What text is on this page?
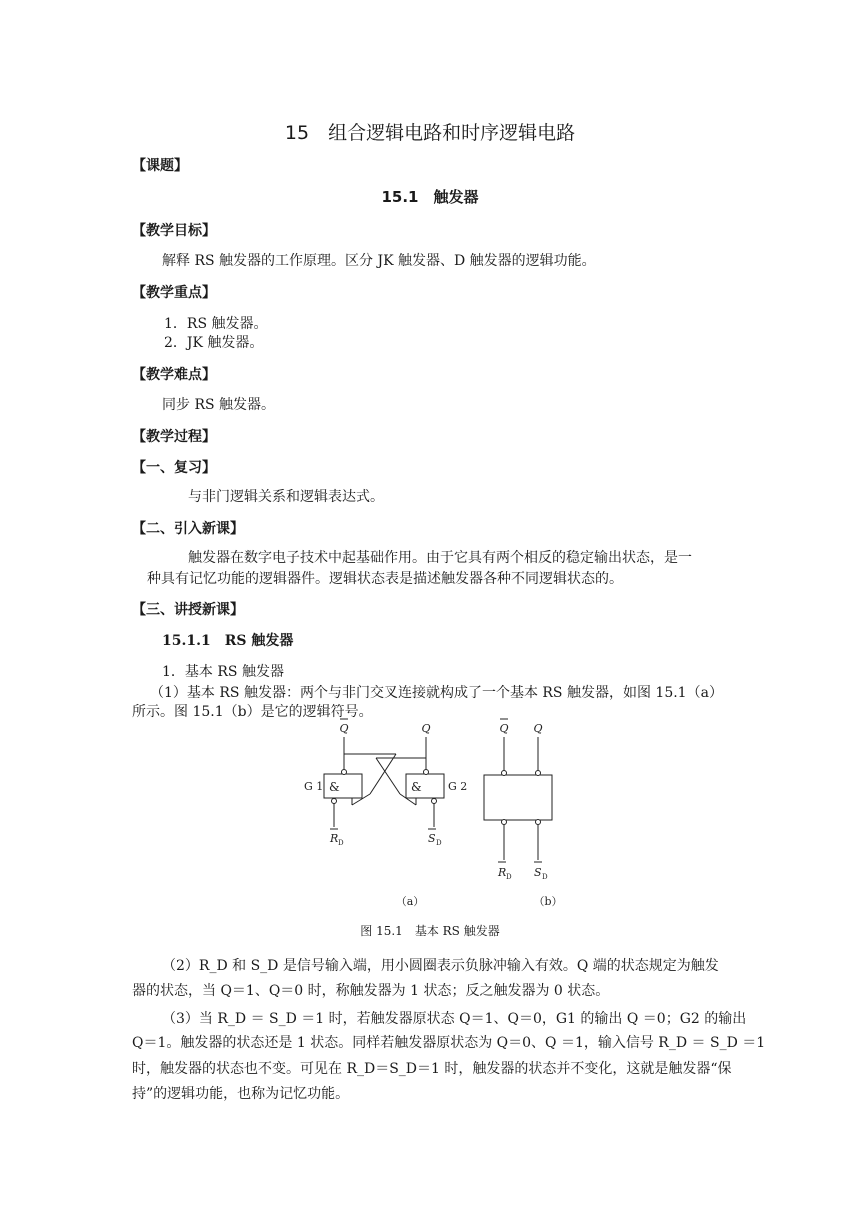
15　组合逻辑电路和时序逻辑电路
【课题】
15.1　触发器
【教学目标】
解释 RS 触发器的工作原理。区分 JK 触发器、D 触发器的逻辑功能。
【教学重点】
1．RS 触发器。
2．JK 触发器。
【教学难点】
同步 RS 触发器。
【教学过程】
【一、复习】
与非门逻辑关系和逻辑表达式。
【二、引入新课】
触发器在数字电子技术中起基础作用。由于它具有两个相反的稳定输出状态，是一
种具有记忆功能的逻辑器件。逻辑状态表是描述触发器各种不同逻辑状态的。
【三、讲授新课】
15.1.1　RS 触发器
1．基本 RS 触发器
（1）基本 RS 触发器：两个与非门交叉连接就构成了一个基本 RS 触发器，如图 15.1（a）
所示。图 15.1（b）是它的逻辑符号。
Q	Q	Q Q
&	&
G 1	G 2
R D	S D
R D S D
（a）	（b）
图 15.1　基本 RS 触发器
（2）R_D 和 S_D 是信号输入端，用小圆圈表示负脉冲输入有效。Q 端的状态规定为触发
器的状态，当 Q＝1、Q＝0 时，称触发器为 1 状态；反之触发器为 0 状态。
（3）当 R_D ＝ S_D ＝1 时，若触发器原状态 Q＝1、Q＝0，G1 的输出 Q ＝0；G2 的输出
Q＝1。触发器的状态还是 1 状态。同样若触发器原状态为 Q＝0、Q ＝1，输入信号 R_D ＝ S_D ＝1
时，触发器的状态也不变。可见在 R_D＝S_D＝1 时，触发器的状态并不变化，这就是触发器“保
持”的逻辑功能，也称为记忆功能。
